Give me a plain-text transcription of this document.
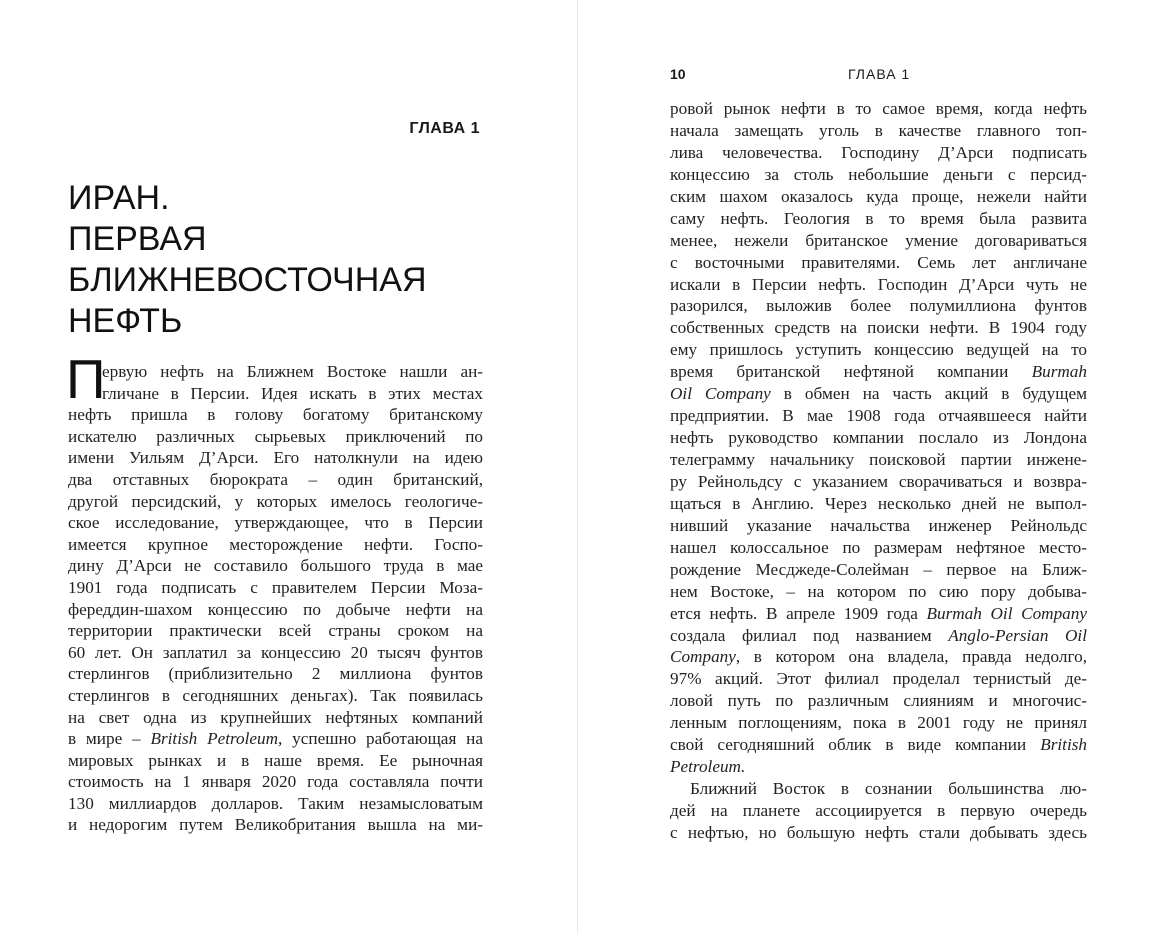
ГЛАВА 1
ИРАН.
ПЕРВАЯ
БЛИЖНЕВОСТОЧНАЯ
НЕФТЬ
П
ервую нефть на Ближнем Востоке нашли ан-
гличане в Персии. Идея искать в этих местах
нефть пришла в голову богатому британскому
искателю различных сырьевых приключений по
имени Уильям Д’Арси. Его натолкнули на идею
два отставных бюрократа – один британский,
другой персидский, у которых имелось геологиче-
ское исследование, утверждающее, что в Персии
имеется крупное месторождение нефти. Госпо-
дину Д’Арси не составило большого труда в мае
1901 года подписать с правителем Персии Моза-
фереддин-шахом концессию по добыче нефти на
территории практически всей страны сроком на
60 лет. Он заплатил за концессию 20 тысяч фунтов
стерлингов (приблизительно 2 миллиона фунтов
стерлингов в сегодняшних деньгах). Так появилась
на свет одна из крупнейших нефтяных компаний
в мире – British Petroleum, успешно работающая на
мировых рынках и в наше время. Ее рыночная
стоимость на 1 января 2020 года составляла почти
130 миллиардов долларов. Таким незамысловатым
и недорогим путем Великобритания вышла на ми-
10	ГЛАВА 1
ровой рынок нефти в то самое время, когда нефть
начала замещать уголь в качестве главного топ-
лива человечества. Господину Д’Арси подписать
концессию за столь небольшие деньги с персид-
ским шахом оказалось куда проще, нежели найти
саму нефть. Геология в то время была развита
менее, нежели британское умение договариваться
с восточными правителями. Семь лет англичане
искали в Персии нефть. Господин Д’Арси чуть не
разорился, выложив более полумиллиона фунтов
собственных средств на поиски нефти. В 1904 году
ему пришлось уступить концессию ведущей на то
время британской нефтяной компании Burmah
Oil Company в обмен на часть акций в будущем
предприятии. В мае 1908 года отчаявшееся найти
нефть руководство компании послало из Лондона
телеграмму начальнику поисковой партии инжене-
ру Рейнольдсу с указанием сворачиваться и возвра-
щаться в Англию. Через несколько дней не выпол-
нивший указание начальства инженер Рейнольдс
нашел колоссальное по размерам нефтяное место-
рождение Месджеде-Солейман – первое на Ближ-
нем Востоке, – на котором по сию пору добыва-
ется нефть. В апреле 1909 года Burmah Oil Company
создала филиал под названием Anglo-Persian Oil
Company, в котором она владела, правда недолго,
97% акций. Этот филиал проделал тернистый де-
ловой путь по различным слияниям и многочис-
ленным поглощениям, пока в 2001 году не принял
свой сегодняшний облик в виде компании British
Petroleum.
Ближний Восток в сознании большинства лю-
дей на планете ассоциируется в первую очередь
с нефтью, но большую нефть стали добывать здесь
